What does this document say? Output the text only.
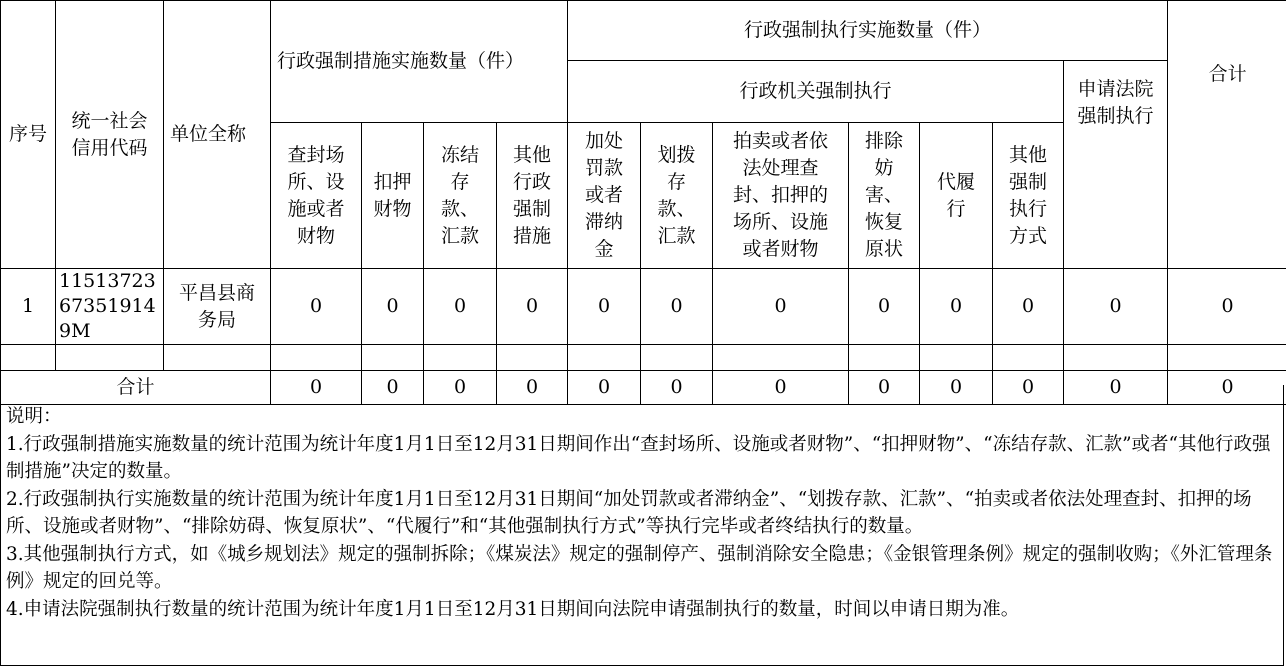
序号	统一社会信用代码	单位全称	行政强制措施实施数量（件）				行政强制执行实施数量（件）							合计
							行政机关强制执行						申请法院强制执行	
			查封场所、设施或者财物	扣押财物	冻结存款、汇款	其他行政强制措施	加处罚款或者滞纳金	划拨存款、汇款	拍卖或者依法处理查封、扣押的场所、设施或者财物	排除妨害、恢复原状	代履行	其他强制执行方式		
1	11513723673519149M	平昌县商务局	0	0	0	0	0	0	0	0	0	0	0	0

合计			0	0	0	0	0	0	0	0	0	0	0	0
说明：
1.行政强制措施实施数量的统计范围为统计年度1月1日至12月31日期间作出“查封场所、设施或者财物”、“扣押财物”、“冻结存款、汇款”或者“其他行政强制措施”决定的数量。
2.行政强制执行实施数量的统计范围为统计年度1月1日至12月31日期间“加处罚款或者滞纳金”、“划拨存款、汇款”、“拍卖或者依法处理查封、扣押的场所、设施或者财物”、“排除妨碍、恢复原状”、“代履行”和“其他强制执行方式”等执行完毕或者终结执行的数量。
3.其他强制执行方式，如《城乡规划法》规定的强制拆除；《煤炭法》规定的强制停产、强制消除安全隐患；《金银管理条例》规定的强制收购；《外汇管理条例》规定的回兑等。
4.申请法院强制执行数量的统计范围为统计年度1月1日至12月31日期间向法院申请强制执行的数量，时间以申请日期为准。
